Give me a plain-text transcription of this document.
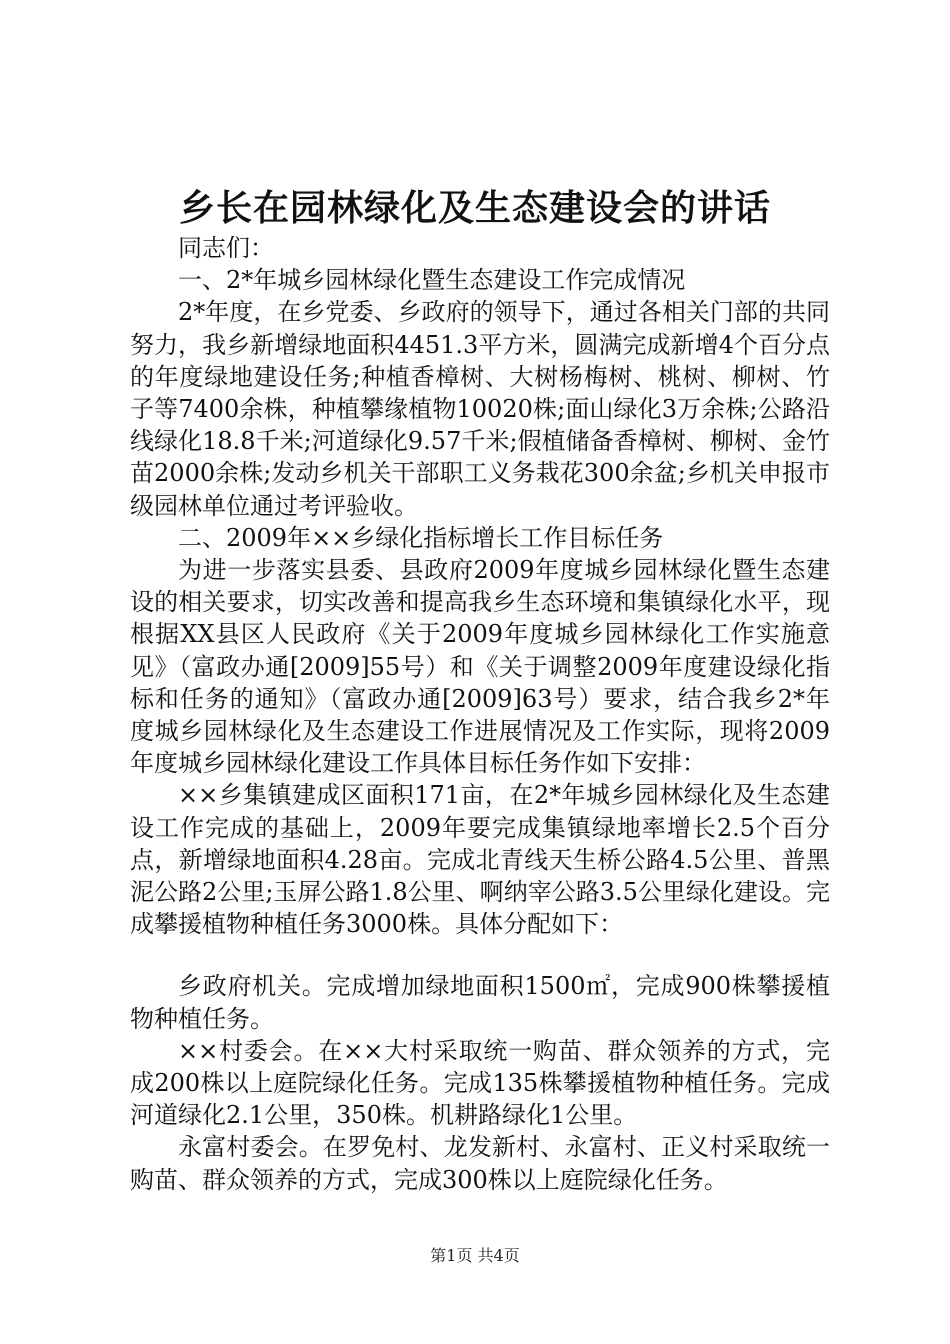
乡长在园林绿化及生态建设会的讲话

同志们：

一、2*年城乡园林绿化暨生态建设工作完成情况

2*年度，在乡党委、乡政府的领导下，通过各相关门部的共同努力，我乡新增绿地面积4451.3平方米，圆满完成新增4个百分点的年度绿地建设任务;种植香樟树、大树杨梅树、桃树、柳树、竹子等7400余株，种植攀缘植物10020株;面山绿化3万余株;公路沿线绿化18.8千米;河道绿化9.57千米;假植储备香樟树、柳树、金竹苗2000余株;发动乡机关干部职工义务栽花300余盆;乡机关申报市级园林单位通过考评验收。

二、2009年××乡绿化指标增长工作目标任务

为进一步落实县委、县政府2009年度城乡园林绿化暨生态建设的相关要求，切实改善和提高我乡生态环境和集镇绿化水平，现根据XX县区人民政府《关于2009年度城乡园林绿化工作实施意见》（富政办通[2009]55号）和《关于调整2009年度建设绿化指标和任务的通知》（富政办通[2009]63号）要求，结合我乡2*年度城乡园林绿化及生态建设工作进展情况及工作实际，现将2009年度城乡园林绿化建设工作具体目标任务作如下安排：

××乡集镇建成区面积171亩，在2*年城乡园林绿化及生态建设工作完成的基础上，2009年要完成集镇绿地率增长2.5个百分点，新增绿地面积4.28亩。完成北青线天生桥公路4.5公里、普黑泥公路2公里;玉屏公路1.8公里、啊纳宰公路3.5公里绿化建设。完成攀援植物种植任务3000株。具体分配如下：

乡政府机关。完成增加绿地面积1500㎡，完成900株攀援植物种植任务。

××村委会。在××大村采取统一购苗、群众领养的方式，完成200株以上庭院绿化任务。完成135株攀援植物种植任务。完成河道绿化2.1公里，350株。机耕路绿化1公里。

永富村委会。在罗免村、龙发新村、永富村、正义村采取统一购苗、群众领养的方式，完成300株以上庭院绿化任务。

第1页 共4页
